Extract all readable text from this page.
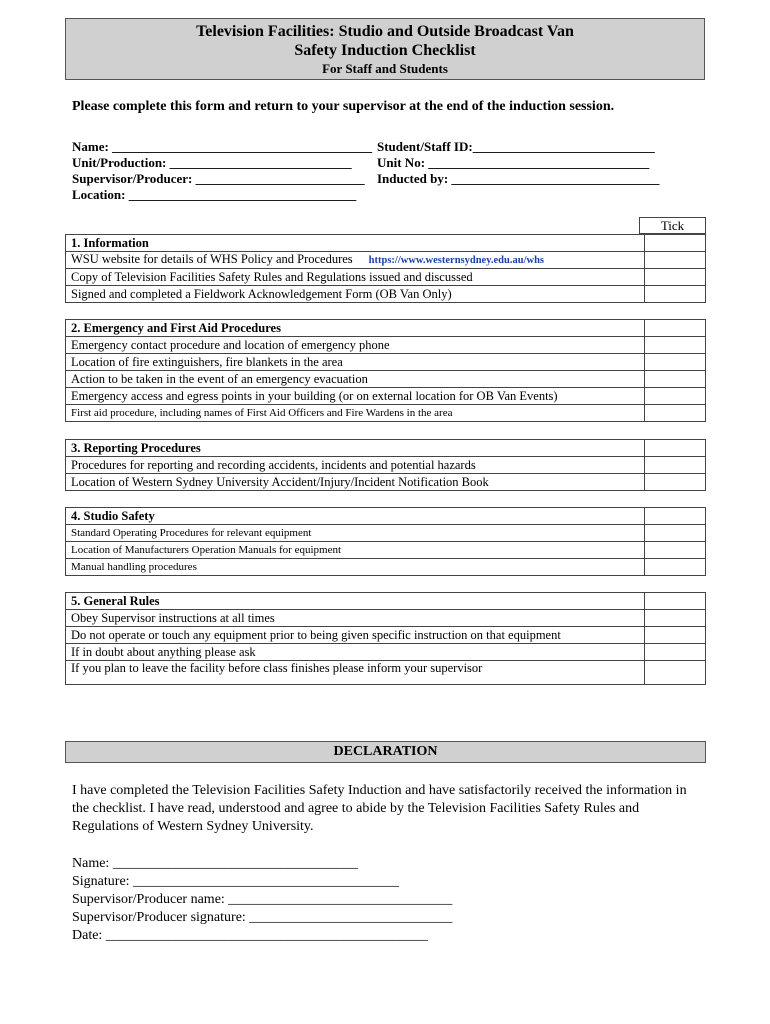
Television Facilities: Studio and Outside Broadcast Van
Safety Induction Checklist
For Staff and Students
Please complete this form and return to your supervisor at the end of the induction session.
Name: ________________________________________ Student/Staff ID:____________________________
Unit/Production: ____________________________ Unit No: __________________________________
Supervisor/Producer: __________________________ Inducted by: ________________________________
Location: ___________________________________
Tick
1. Information	
WSU website for details of WHS Policy and Procedures https://www.westernsydney.edu.au/whs	
Copy of Television Facilities Safety Rules and Regulations issued and discussed	
Signed and completed a Fieldwork Acknowledgement Form (OB Van Only)	
2. Emergency and First Aid Procedures	
Emergency contact procedure and location of emergency phone	
Location of fire extinguishers, fire blankets in the area	
Action to be taken in the event of an emergency evacuation	
Emergency access and egress points in your building (or on external location for OB Van Events)	
First aid procedure, including names of First Aid Officers and Fire Wardens in the area	
3. Reporting Procedures	
Procedures for reporting and recording accidents, incidents and potential hazards	
Location of Western Sydney University Accident/Injury/Incident Notification Book	
4. Studio Safety	
Standard Operating Procedures for relevant equipment	
Location of Manufacturers Operation Manuals for equipment	
Manual handling procedures	
5. General Rules	
Obey Supervisor instructions at all times	
Do not operate or touch any equipment prior to being given specific instruction on that equipment	
If in doubt about anything please ask	
If you plan to leave the facility before class finishes please inform your supervisor	
DECLARATION
I have completed the Television Facilities Safety Induction and have satisfactorily received the information in the checklist. I have read, understood and agree to abide by the Television Facilities Safety Rules and Regulations of Western Sydney University.
Name: ___________________________________
Signature: ______________________________________
Supervisor/Producer name: ________________________________
Supervisor/Producer signature: _____________________________
Date: ______________________________________________
